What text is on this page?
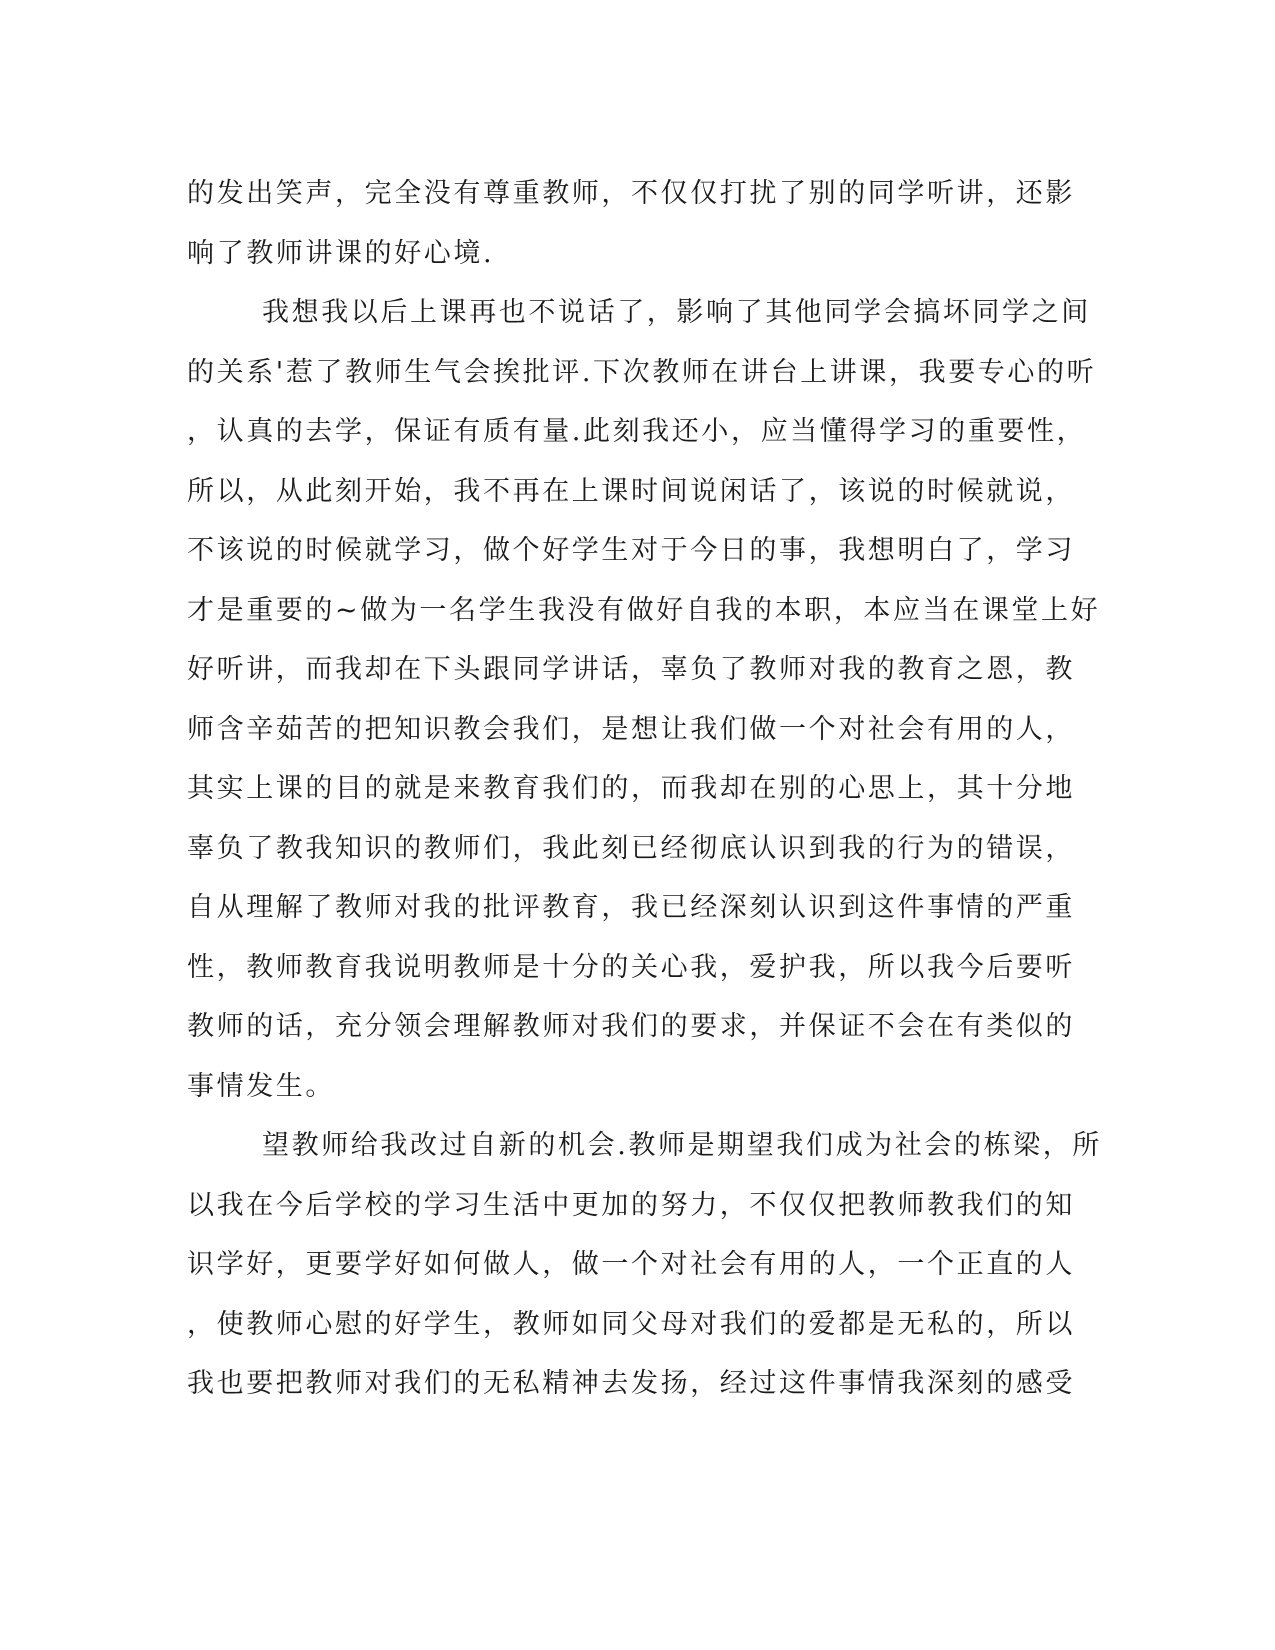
的发出笑声，完全没有尊重教师，不仅仅打扰了别的同学听讲，还影
响了教师讲课的好心境.
我想我以后上课再也不说话了，影响了其他同学会搞坏同学之间
的关系'惹了教师生气会挨批评.下次教师在讲台上讲课，我要专心的听
，认真的去学，保证有质有量.此刻我还小，应当懂得学习的重要性，
所以，从此刻开始，我不再在上课时间说闲话了，该说的时候就说，
不该说的时候就学习，做个好学生对于今日的事，我想明白了，学习
才是重要的~做为一名学生我没有做好自我的本职，本应当在课堂上好
好听讲，而我却在下头跟同学讲话，辜负了教师对我的教育之恩，教
师含辛茹苦的把知识教会我们，是想让我们做一个对社会有用的人，
其实上课的目的就是来教育我们的，而我却在别的心思上，其十分地
辜负了教我知识的教师们，我此刻已经彻底认识到我的行为的错误，
自从理解了教师对我的批评教育，我已经深刻认识到这件事情的严重
性，教师教育我说明教师是十分的关心我，爱护我，所以我今后要听
教师的话，充分领会理解教师对我们的要求，并保证不会在有类似的
事情发生。
望教师给我改过自新的机会.教师是期望我们成为社会的栋梁，所
以我在今后学校的学习生活中更加的努力，不仅仅把教师教我们的知
识学好，更要学好如何做人，做一个对社会有用的人，一个正直的人
，使教师心慰的好学生，教师如同父母对我们的爱都是无私的，所以
我也要把教师对我们的无私精神去发扬，经过这件事情我深刻的感受
